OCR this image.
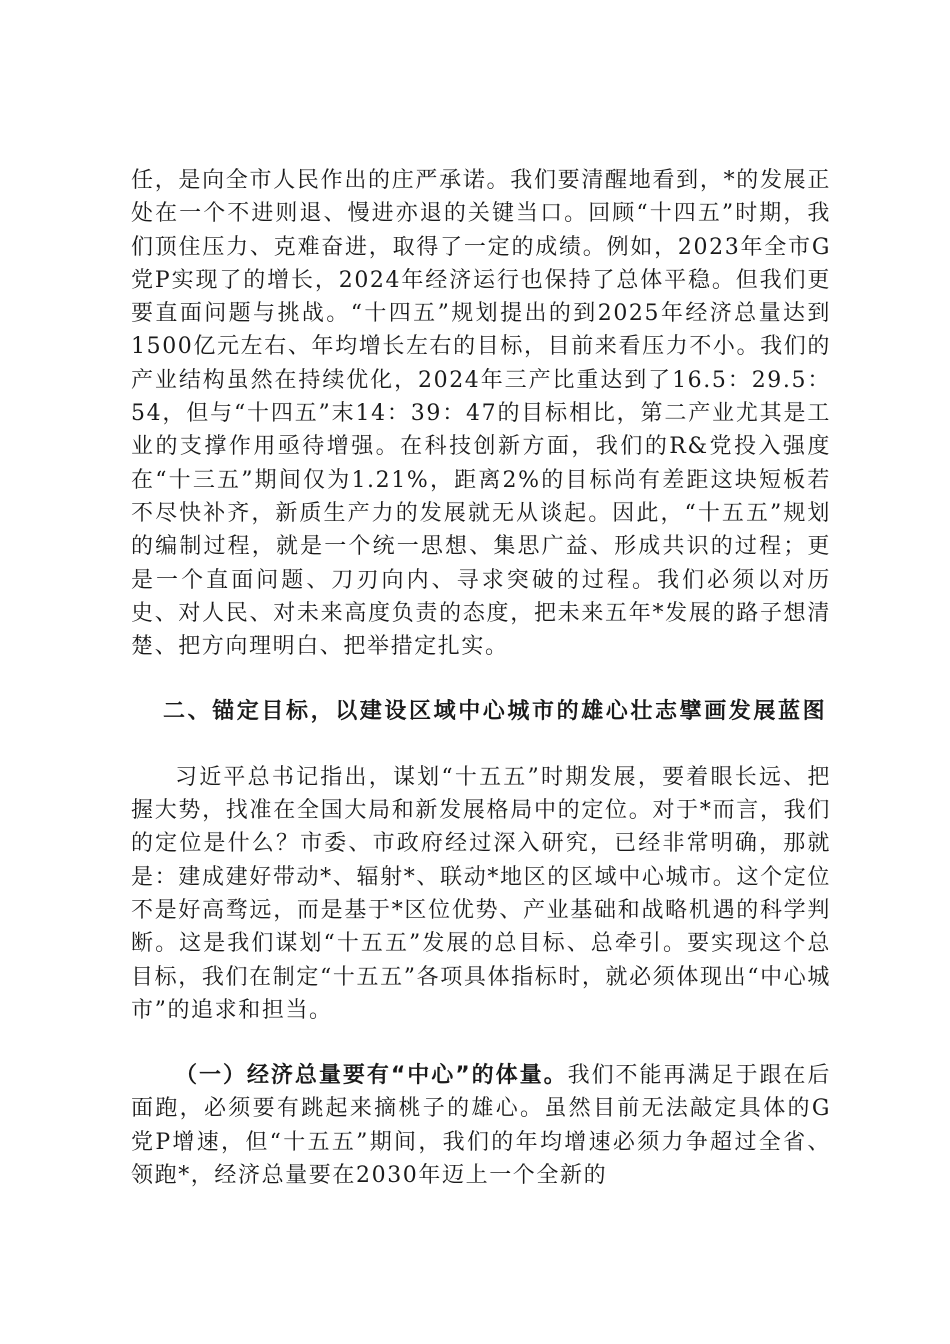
任，是向全市人民作出的庄严承诺。我们要清醒地看到，*的发展正处在一个不进则退、慢进亦退的关键当口。回顾“十四五”时期，我们顶住压力、克难奋进，取得了一定的成绩。例如，2023年全市G党P实现了的增长，2024年经济运行也保持了总体平稳。但我们更要直面问题与挑战。“十四五”规划提出的到2025年经济总量达到1500亿元左右、年均增长左右的目标，目前来看压力不小。我们的产业结构虽然在持续优化，2024年三产比重达到了16.5：29.5：54，但与“十四五”末14：39：47的目标相比，第二产业尤其是工业的支撑作用亟待增强。在科技创新方面，我们的R&党投入强度在“十三五”期间仅为1.21%，距离2%的目标尚有差距这块短板若不尽快补齐，新质生产力的发展就无从谈起。因此，“十五五”规划的编制过程，就是一个统一思想、集思广益、形成共识的过程；更是一个直面问题、刀刃向内、寻求突破的过程。我们必须以对历史、对人民、对未来高度负责的态度，把未来五年*发展的路子想清楚、把方向理明白、把举措定扎实。

二、锚定目标，以建设区域中心城市的雄心壮志擘画发展蓝图

习近平总书记指出，谋划“十五五”时期发展，要着眼长远、把握大势，找准在全国大局和新发展格局中的定位。对于*而言，我们的定位是什么？市委、市政府经过深入研究，已经非常明确，那就是：建成建好带动*、辐射*、联动*地区的区域中心城市。这个定位不是好高骛远，而是基于*区位优势、产业基础和战略机遇的科学判断。这是我们谋划“十五五”发展的总目标、总牵引。要实现这个总目标，我们在制定“十五五”各项具体指标时，就必须体现出“中心城市”的追求和担当。

（一）经济总量要有“中心”的体量。我们不能再满足于跟在后面跑，必须要有跳起来摘桃子的雄心。虽然目前无法敲定具体的G党P增速，但“十五五”期间，我们的年均增速必须力争超过全省、领跑*，经济总量要在2030年迈上一个全新的
